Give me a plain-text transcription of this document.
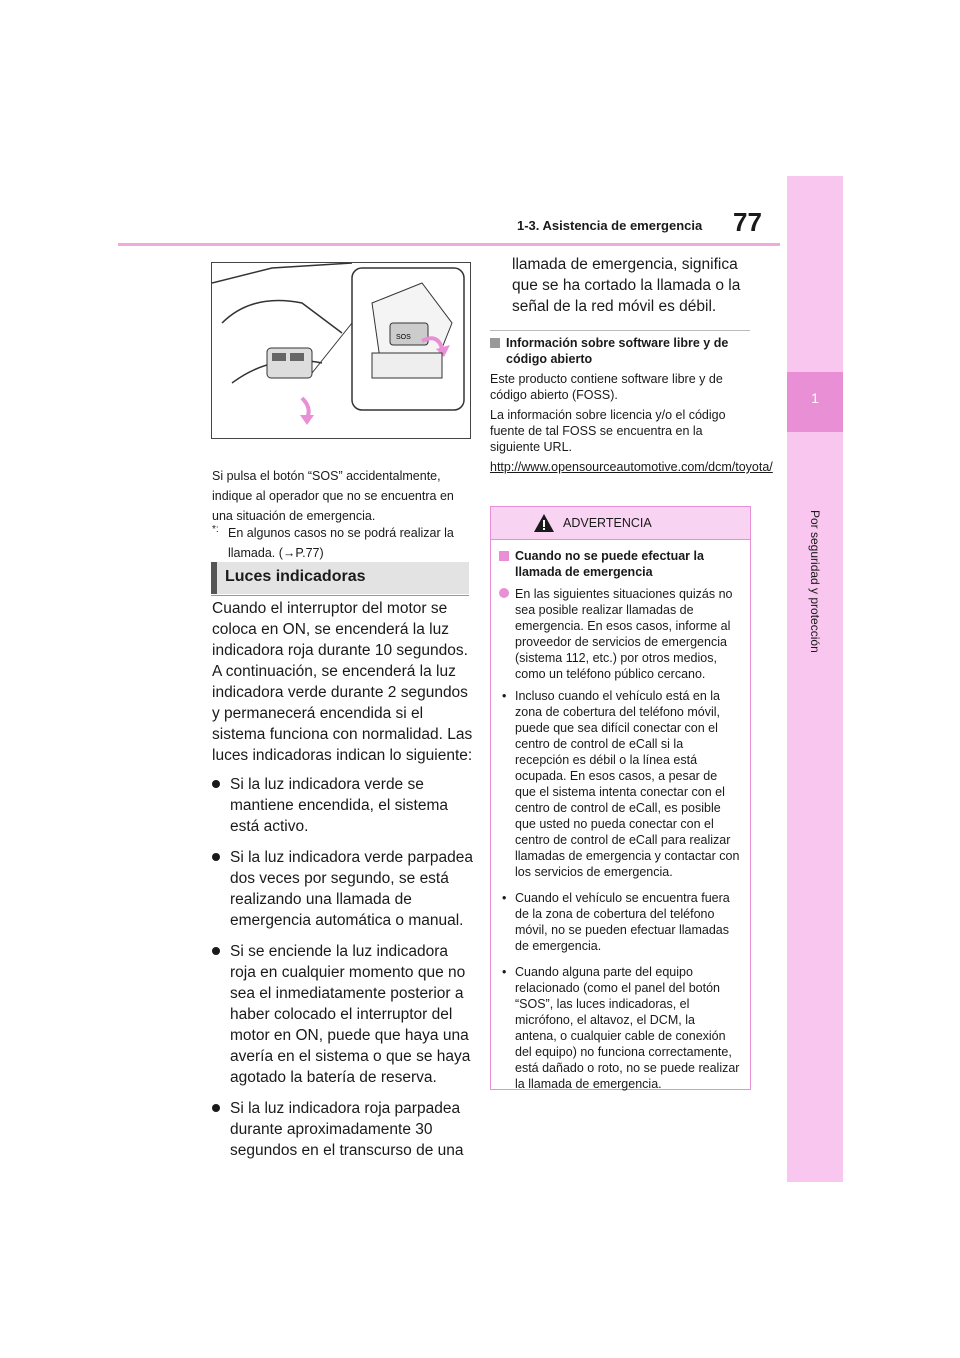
77
1-3. Asistencia de emergencia
1
Por seguridad y protección
SOS

Si pulsa el botón “SOS” accidentalmente, indique al operador que no se encuentra en una situación de emergencia.

*: En algunos casos no se podrá realizar la llamada. (→P.77)

Luces indicadoras

Cuando el interruptor del motor se coloca en ON, se encenderá la luz indicadora roja durante 10 segundos. A continuación, se encenderá la luz indicadora verde durante 2 segundos y permanecerá encendida si el sistema funciona con normalidad. Las luces indicadoras indican lo siguiente:

Si la luz indicadora verde se mantiene encendida, el sistema está activo.

Si la luz indicadora verde parpadea dos veces por segundo, se está realizando una llamada de emergencia automática o manual.

Si se enciende la luz indicadora roja en cualquier momento que no sea el inmediatamente posterior a haber colocado el interruptor del motor en ON, puede que haya una avería en el sistema o que se haya agotado la batería de reserva.

Si la luz indicadora roja parpadea durante aproximadamente 30 segundos en el transcurso de una

llamada de emergencia, significa que se ha cortado la llamada o la señal de la red móvil es débil.

Información sobre software libre y de código abierto

Este producto contiene software libre y de código abierto (FOSS).

La información sobre licencia y/o el código fuente de tal FOSS se encuentra en la siguiente URL.

http://www.opensourceautomotive.com/dcm/toyota/

ADVERTENCIA
Cuando no se puede efectuar la llamada de emergencia
En las siguientes situaciones quizás no sea posible realizar llamadas de emergencia. En esos casos, informe al proveedor de servicios de emergencia (sistema 112, etc.) por otros medios, como un teléfono público cercano.
• Incluso cuando el vehículo está en la zona de cobertura del teléfono móvil, puede que sea difícil conectar con el centro de control de eCall si la recepción es débil o la línea está ocupada. En esos casos, a pesar de que el sistema intenta conectar con el centro de control de eCall, es posible que usted no pueda conectar con el centro de control de eCall para realizar llamadas de emergencia y contactar con los servicios de emergencia.
• Cuando el vehículo se encuentra fuera de la zona de cobertura del teléfono móvil, no se pueden efectuar llamadas de emergencia.
• Cuando alguna parte del equipo relacionado (como el panel del botón “SOS”, las luces indicadoras, el micrófono, el altavoz, el DCM, la antena, o cualquier cable de conexión del equipo) no funciona correctamente, está dañado o roto, no se puede realizar la llamada de emergencia.
